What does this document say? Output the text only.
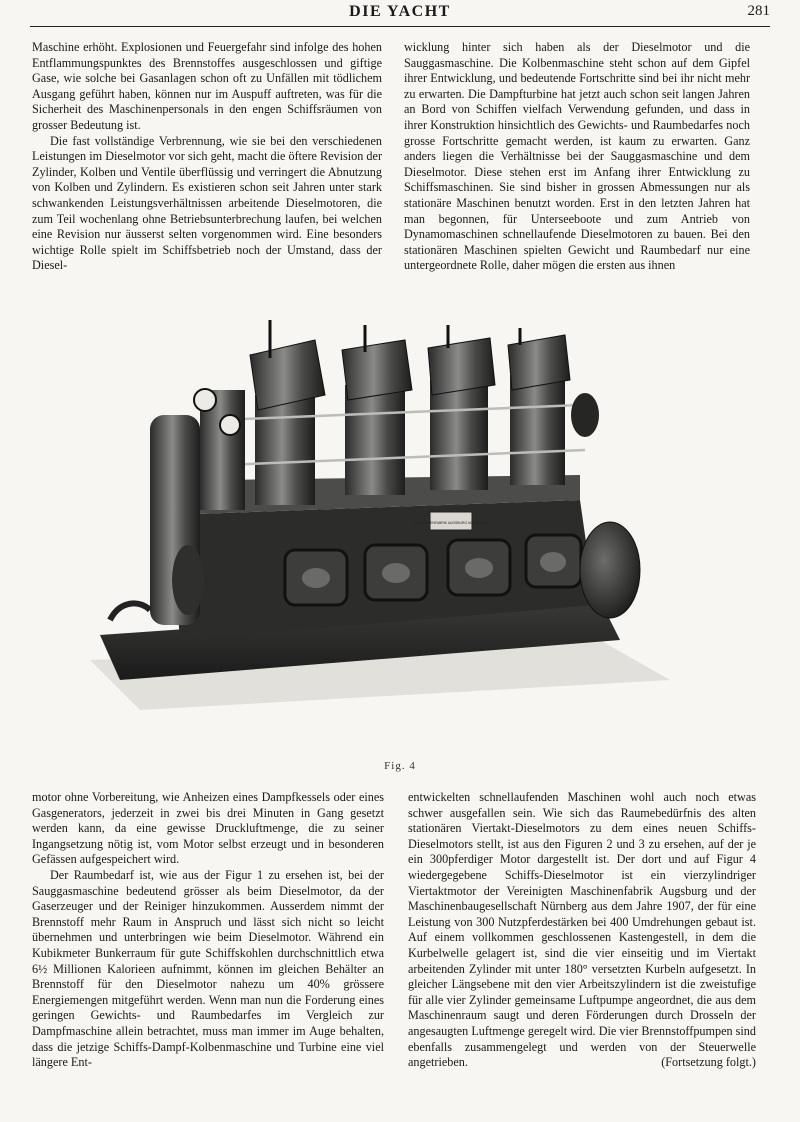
DIE YACHT	281

Maschine erhöht. Explosionen und Feuergefahr sind infolge des hohen Entflammungspunktes des Brennstoffes ausgeschlossen und giftige Gase, wie solche bei Gasanlagen schon oft zu Unfällen mit tödlichem Ausgang geführt haben, können nur im Auspuff auftreten, was für die Sicherheit des Maschinenpersonals in den engen Schiffsräumen von grosser Bedeutung ist.

Die fast vollständige Verbrennung, wie sie bei den verschiedenen Leistungen im Dieselmotor vor sich geht, macht die öftere Revision der Zylinder, Kolben und Ventile überflüssig und verringert die Abnutzung von Kolben und Zylindern. Es existieren schon seit Jahren unter stark schwankenden Leistungsverhältnissen arbeitende Dieselmotoren, die zum Teil wochenlang ohne Betriebsunterbrechung laufen, bei welchen eine Revision nur äusserst selten vorgenommen wird. Eine besonders wichtige Rolle spielt im Schiffsbetrieb noch der Umstand, dass der Diesel-

wicklung hinter sich haben als der Dieselmotor und die Sauggasmaschine. Die Kolbenmaschine steht schon auf dem Gipfel ihrer Entwicklung, und bedeutende Fortschritte sind bei ihr nicht mehr zu erwarten. Die Dampfturbine hat jetzt auch schon seit langen Jahren an Bord von Schiffen vielfach Verwendung gefunden, und dass in ihrer Konstruktion hinsichtlich des Gewichts- und Raumbedarfes noch grosse Fortschritte gemacht werden, ist kaum zu erwarten. Ganz anders liegen die Verhältnisse bei der Sauggasmaschine und dem Dieselmotor. Diese stehen erst im Anfang ihrer Entwicklung zu Schiffsmaschinen. Sie sind bisher in grossen Abmessungen nur als stationäre Maschinen benutzt worden. Erst in den letzten Jahren hat man begonnen, für Unterseeboote und zum Antrieb von Dynamomaschinen schnellaufende Dieselmotoren zu bauen. Bei den stationären Maschinen spielten Gewicht und Raumbedarf nur eine untergeordnete Rolle, daher mögen die ersten aus ihnen

MASCHINENFABRIK AUGSBURG NÜRNBERG
Fig. 4

motor ohne Vorbereitung, wie Anheizen eines Dampfkessels oder eines Gasgenerators, jederzeit in zwei bis drei Minuten in Gang gesetzt werden kann, da eine gewisse Druckluftmenge, die zu seiner Ingangsetzung nötig ist, vom Motor selbst erzeugt und in besonderen Gefässen aufgespeichert wird.

Der Raumbedarf ist, wie aus der Figur 1 zu ersehen ist, bei der Sauggasmaschine bedeutend grösser als beim Dieselmotor, da der Gaserzeuger und der Reiniger hinzukommen. Ausserdem nimmt der Brennstoff mehr Raum in Anspruch und lässt sich nicht so leicht übernehmen und unterbringen wie beim Dieselmotor. Während ein Kubikmeter Bunkerraum für gute Schiffskohlen durchschnittlich etwa 6½ Millionen Kalorieen aufnimmt, können im gleichen Behälter an Brennstoff für den Dieselmotor nahezu um 40% grössere Energiemengen mitgeführt werden. Wenn man nun die Forderung eines geringen Gewichts- und Raumbedarfes im Vergleich zur Dampfmaschine allein betrachtet, muss man immer im Auge behalten, dass die jetzige Schiffs-Dampf-Kolbenmaschine und Turbine eine viel längere Ent-

entwickelten schnellaufenden Maschinen wohl auch noch etwas schwer ausgefallen sein. Wie sich das Raumebedürfnis des alten stationären Viertakt-Dieselmotors zu dem eines neuen Schiffs-Dieselmotors stellt, ist aus den Figuren 2 und 3 zu ersehen, auf der je ein 300pferdiger Motor dargestellt ist. Der dort und auf Figur 4 wiedergegebene Schiffs-Dieselmotor ist ein vierzylindriger Viertaktmotor der Vereinigten Maschinenfabrik Augsburg und der Maschinenbaugesellschaft Nürnberg aus dem Jahre 1907, der für eine Leistung von 300 Nutzpferdestärken bei 400 Umdrehungen gebaut ist. Auf einem vollkommen geschlossenen Kastengestell, in dem die Kurbelwelle gelagert ist, sind die vier einseitig und im Viertakt arbeitenden Zylinder mit unter 180° versetzten Kurbeln aufgesetzt. In gleicher Längsebene mit den vier Arbeitszylindern ist die zweistufige für alle vier Zylinder gemeinsame Luftpumpe angeordnet, die aus dem Maschinenraum saugt und deren Förderungen durch Drosseln der angesaugten Luftmenge geregelt wird. Die vier Brennstoffpumpen sind ebenfalls zusammengelegt und werden von der Steuerwelle angetrieben.	(Fortsetzung folgt.)
